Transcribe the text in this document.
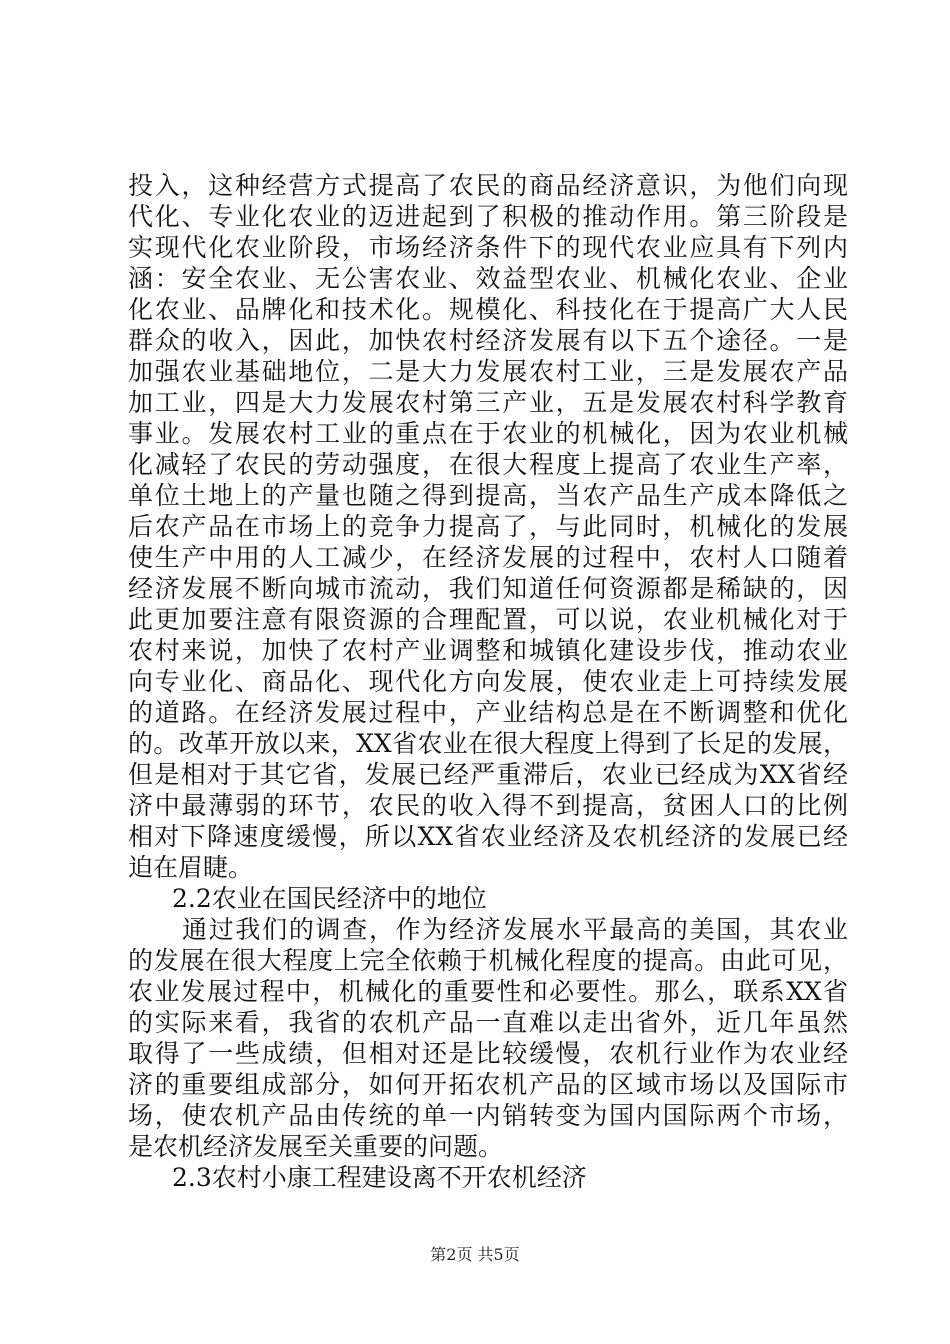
投入，这种经营方式提高了农民的商品经济意识，为他们向现
代化、专业化农业的迈进起到了积极的推动作用。第三阶段是
实现代化农业阶段，市场经济条件下的现代农业应具有下列内
涵：安全农业、无公害农业、效益型农业、机械化农业、企业
化农业、品牌化和技术化。规模化、科技化在于提高广大人民
群众的收入，因此，加快农村经济发展有以下五个途径。一是
加强农业基础地位，二是大力发展农村工业，三是发展农产品
加工业，四是大力发展农村第三产业，五是发展农村科学教育
事业。发展农村工业的重点在于农业的机械化，因为农业机械
化减轻了农民的劳动强度，在很大程度上提高了农业生产率，
单位土地上的产量也随之得到提高，当农产品生产成本降低之
后农产品在市场上的竞争力提高了，与此同时，机械化的发展
使生产中用的人工减少，在经济发展的过程中，农村人口随着
经济发展不断向城市流动，我们知道任何资源都是稀缺的，因
此更加要注意有限资源的合理配置，可以说，农业机械化对于
农村来说，加快了农村产业调整和城镇化建设步伐，推动农业
向专业化、商品化、现代化方向发展，使农业走上可持续发展
的道路。在经济发展过程中，产业结构总是在不断调整和优化
的。改革开放以来，XX省农业在很大程度上得到了长足的发展，
但是相对于其它省，发展已经严重滞后，农业已经成为XX省经
济中最薄弱的环节，农民的收入得不到提高，贫困人口的比例
相对下降速度缓慢，所以XX省农业经济及农机经济的发展已经
迫在眉睫。
2.2农业在国民经济中的地位
通过我们的调查，作为经济发展水平最高的美国，其农业
的发展在很大程度上完全依赖于机械化程度的提高。由此可见，
农业发展过程中，机械化的重要性和必要性。那么，联系XX省
的实际来看，我省的农机产品一直难以走出省外，近几年虽然
取得了一些成绩，但相对还是比较缓慢，农机行业作为农业经
济的重要组成部分，如何开拓农机产品的区域市场以及国际市
场，使农机产品由传统的单一内销转变为国内国际两个市场，
是农机经济发展至关重要的问题。
2.3农村小康工程建设离不开农机经济
第2页 共5页
